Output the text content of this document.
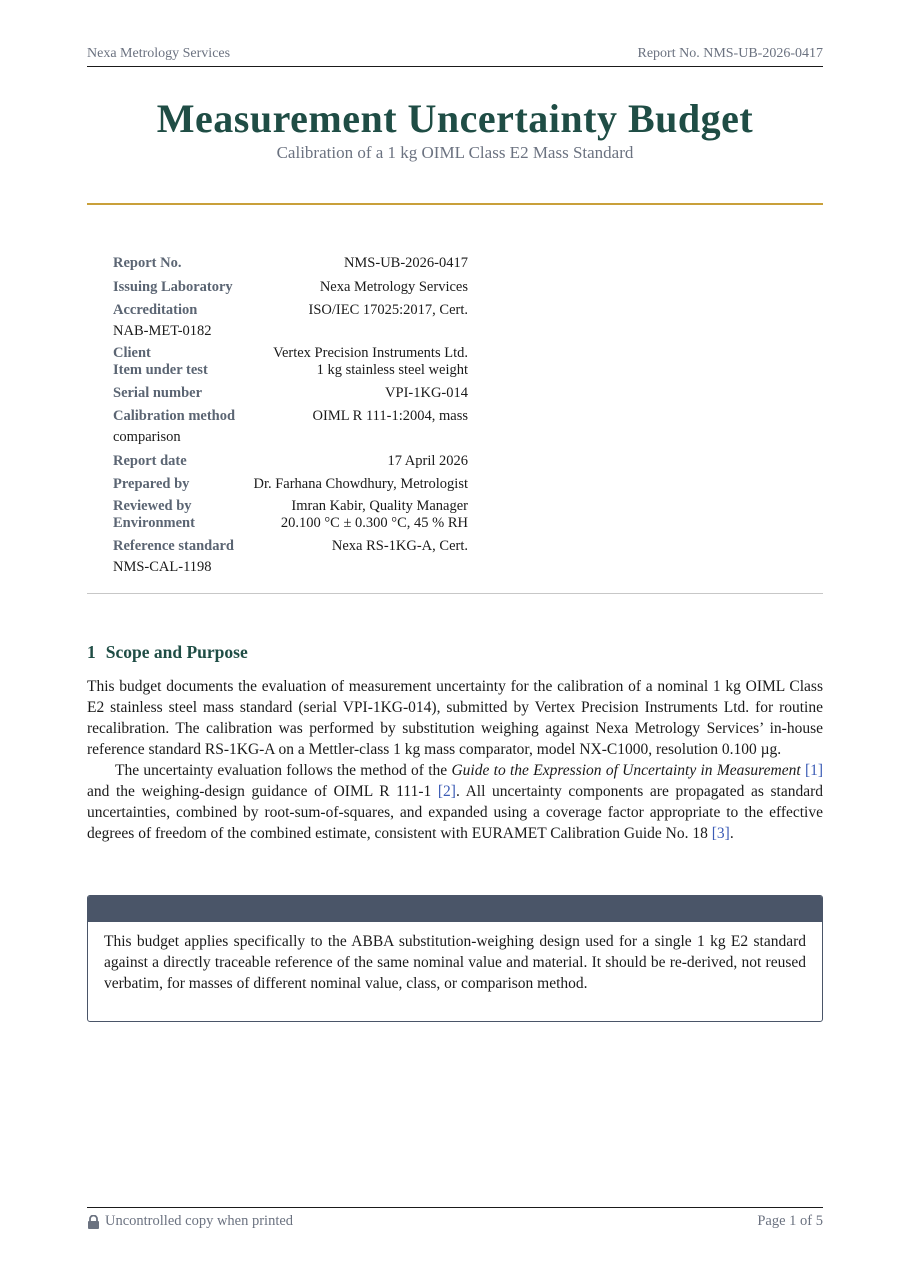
Nexa Metrology Services	Report No. NMS-UB-2026-0417
Measurement Uncertainty Budget
Calibration of a 1 kg OIML Class E2 Mass Standard
Report No.	NMS-UB-2026-0417
Issuing Laboratory	Nexa Metrology Services
Accreditation	ISO/IEC 17025:2017, Cert.
NAB-MET-0182
Client	Vertex Precision Instruments Ltd.
Item under test	1 kg stainless steel weight
Serial number	VPI-1KG-014
Calibration method	OIML R 111-1:2004, mass
comparison
Report date	17 April 2026
Prepared by	Dr. Farhana Chowdhury, Metrologist
Reviewed by	Imran Kabir, Quality Manager
Environment	20.100 °C ± 0.300 °C, 45 % RH
Reference standard	Nexa RS-1KG-A, Cert.
NMS-CAL-1198
1 Scope and Purpose

This budget documents the evaluation of measurement uncertainty for the calibration of a nominal 1 kg OIML Class E2 stainless steel mass standard (serial VPI-1KG-014), submitted by Vertex Precision Instruments Ltd. for routine recalibration. The calibration was performed by substitution weighing against Nexa Metrology Services’ in-house reference standard RS-1KG-A on a Mettler-class 1 kg mass comparator, model NX-C1000, resolution 0.100 µg.

The uncertainty evaluation follows the method of the Guide to the Expression of Uncertainty in Measurement [1] and the weighing-design guidance of OIML R 111-1 [2]. All uncertainty components are propagated as standard uncertainties, combined by root-sum-of-squares, and expanded using a coverage factor appropriate to the effective degrees of freedom of the combined estimate, consistent with EURAMET Calibration Guide No. 18 [3].

This budget applies specifically to the ABBA substitution-weighing design used for a single 1 kg E2 standard against a directly traceable reference of the same nominal value and material. It should be re-derived, not reused verbatim, for masses of different nominal value, class, or comparison method.
Uncontrolled copy when printed	Page 1 of 5
